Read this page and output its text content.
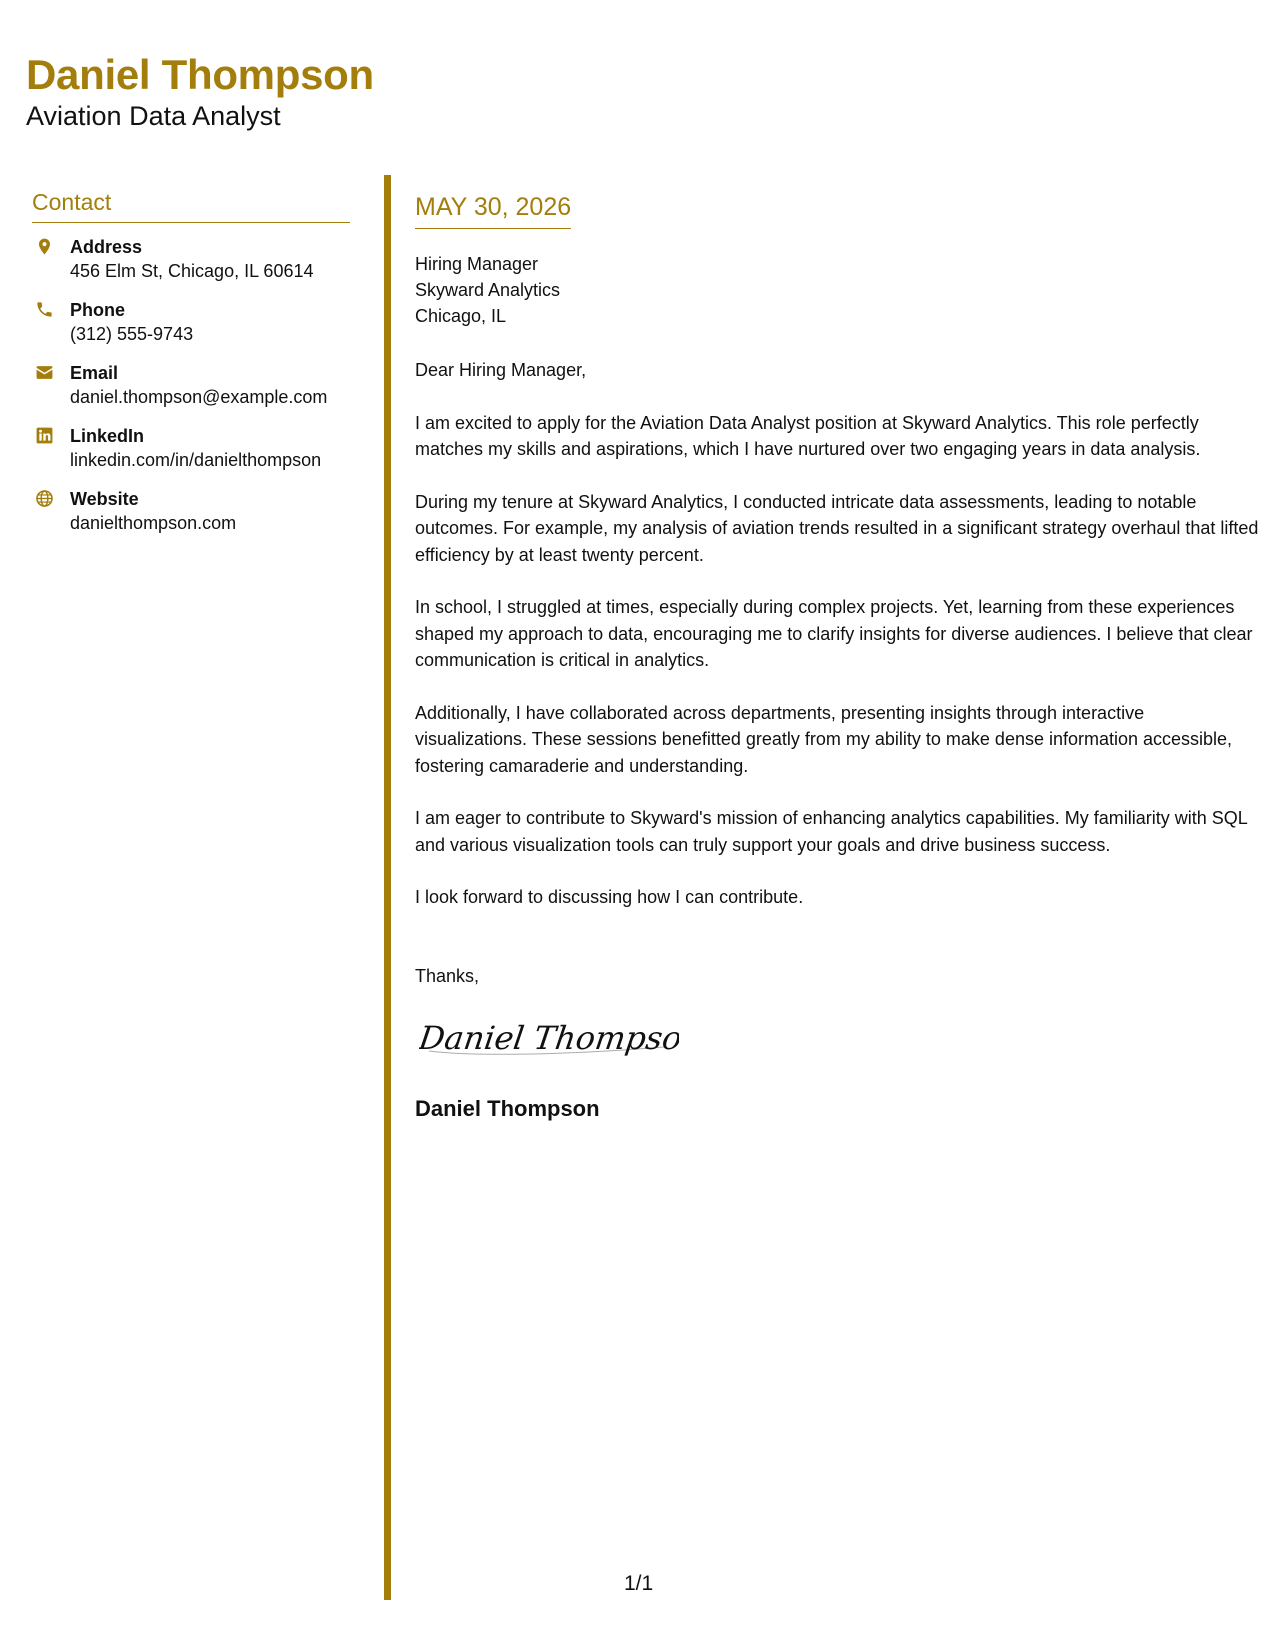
Daniel Thompson
Aviation Data Analyst
Contact
Address
456 Elm St, Chicago, IL 60614
Phone
(312) 555-9743
Email
daniel.thompson@example.com
LinkedIn
linkedin.com/in/danielthompson
Website
danielthompson.com
MAY 30, 2026
Hiring Manager
Skyward Analytics
Chicago, IL
Dear Hiring Manager,

I am excited to apply for the Aviation Data Analyst position at Skyward Analytics. This role perfectly matches my skills and aspirations, which I have nurtured over two engaging years in data analysis.

During my tenure at Skyward Analytics, I conducted intricate data assessments, leading to notable outcomes. For example, my analysis of aviation trends resulted in a significant strategy overhaul that lifted efficiency by at least twenty percent.

In school, I struggled at times, especially during complex projects. Yet, learning from these experiences shaped my approach to data, encouraging me to clarify insights for diverse audiences. I believe that clear communication is critical in analytics.

Additionally, I have collaborated across departments, presenting insights through interactive visualizations. These sessions benefitted greatly from my ability to make dense information accessible, fostering camaraderie and understanding.

I am eager to contribute to Skyward's mission of enhancing analytics capabilities. My familiarity with SQL and various visualization tools can truly support your goals and drive business success.

I look forward to discussing how I can contribute.

Thanks,
Daniel Thompson
Daniel Thompson
1/1
